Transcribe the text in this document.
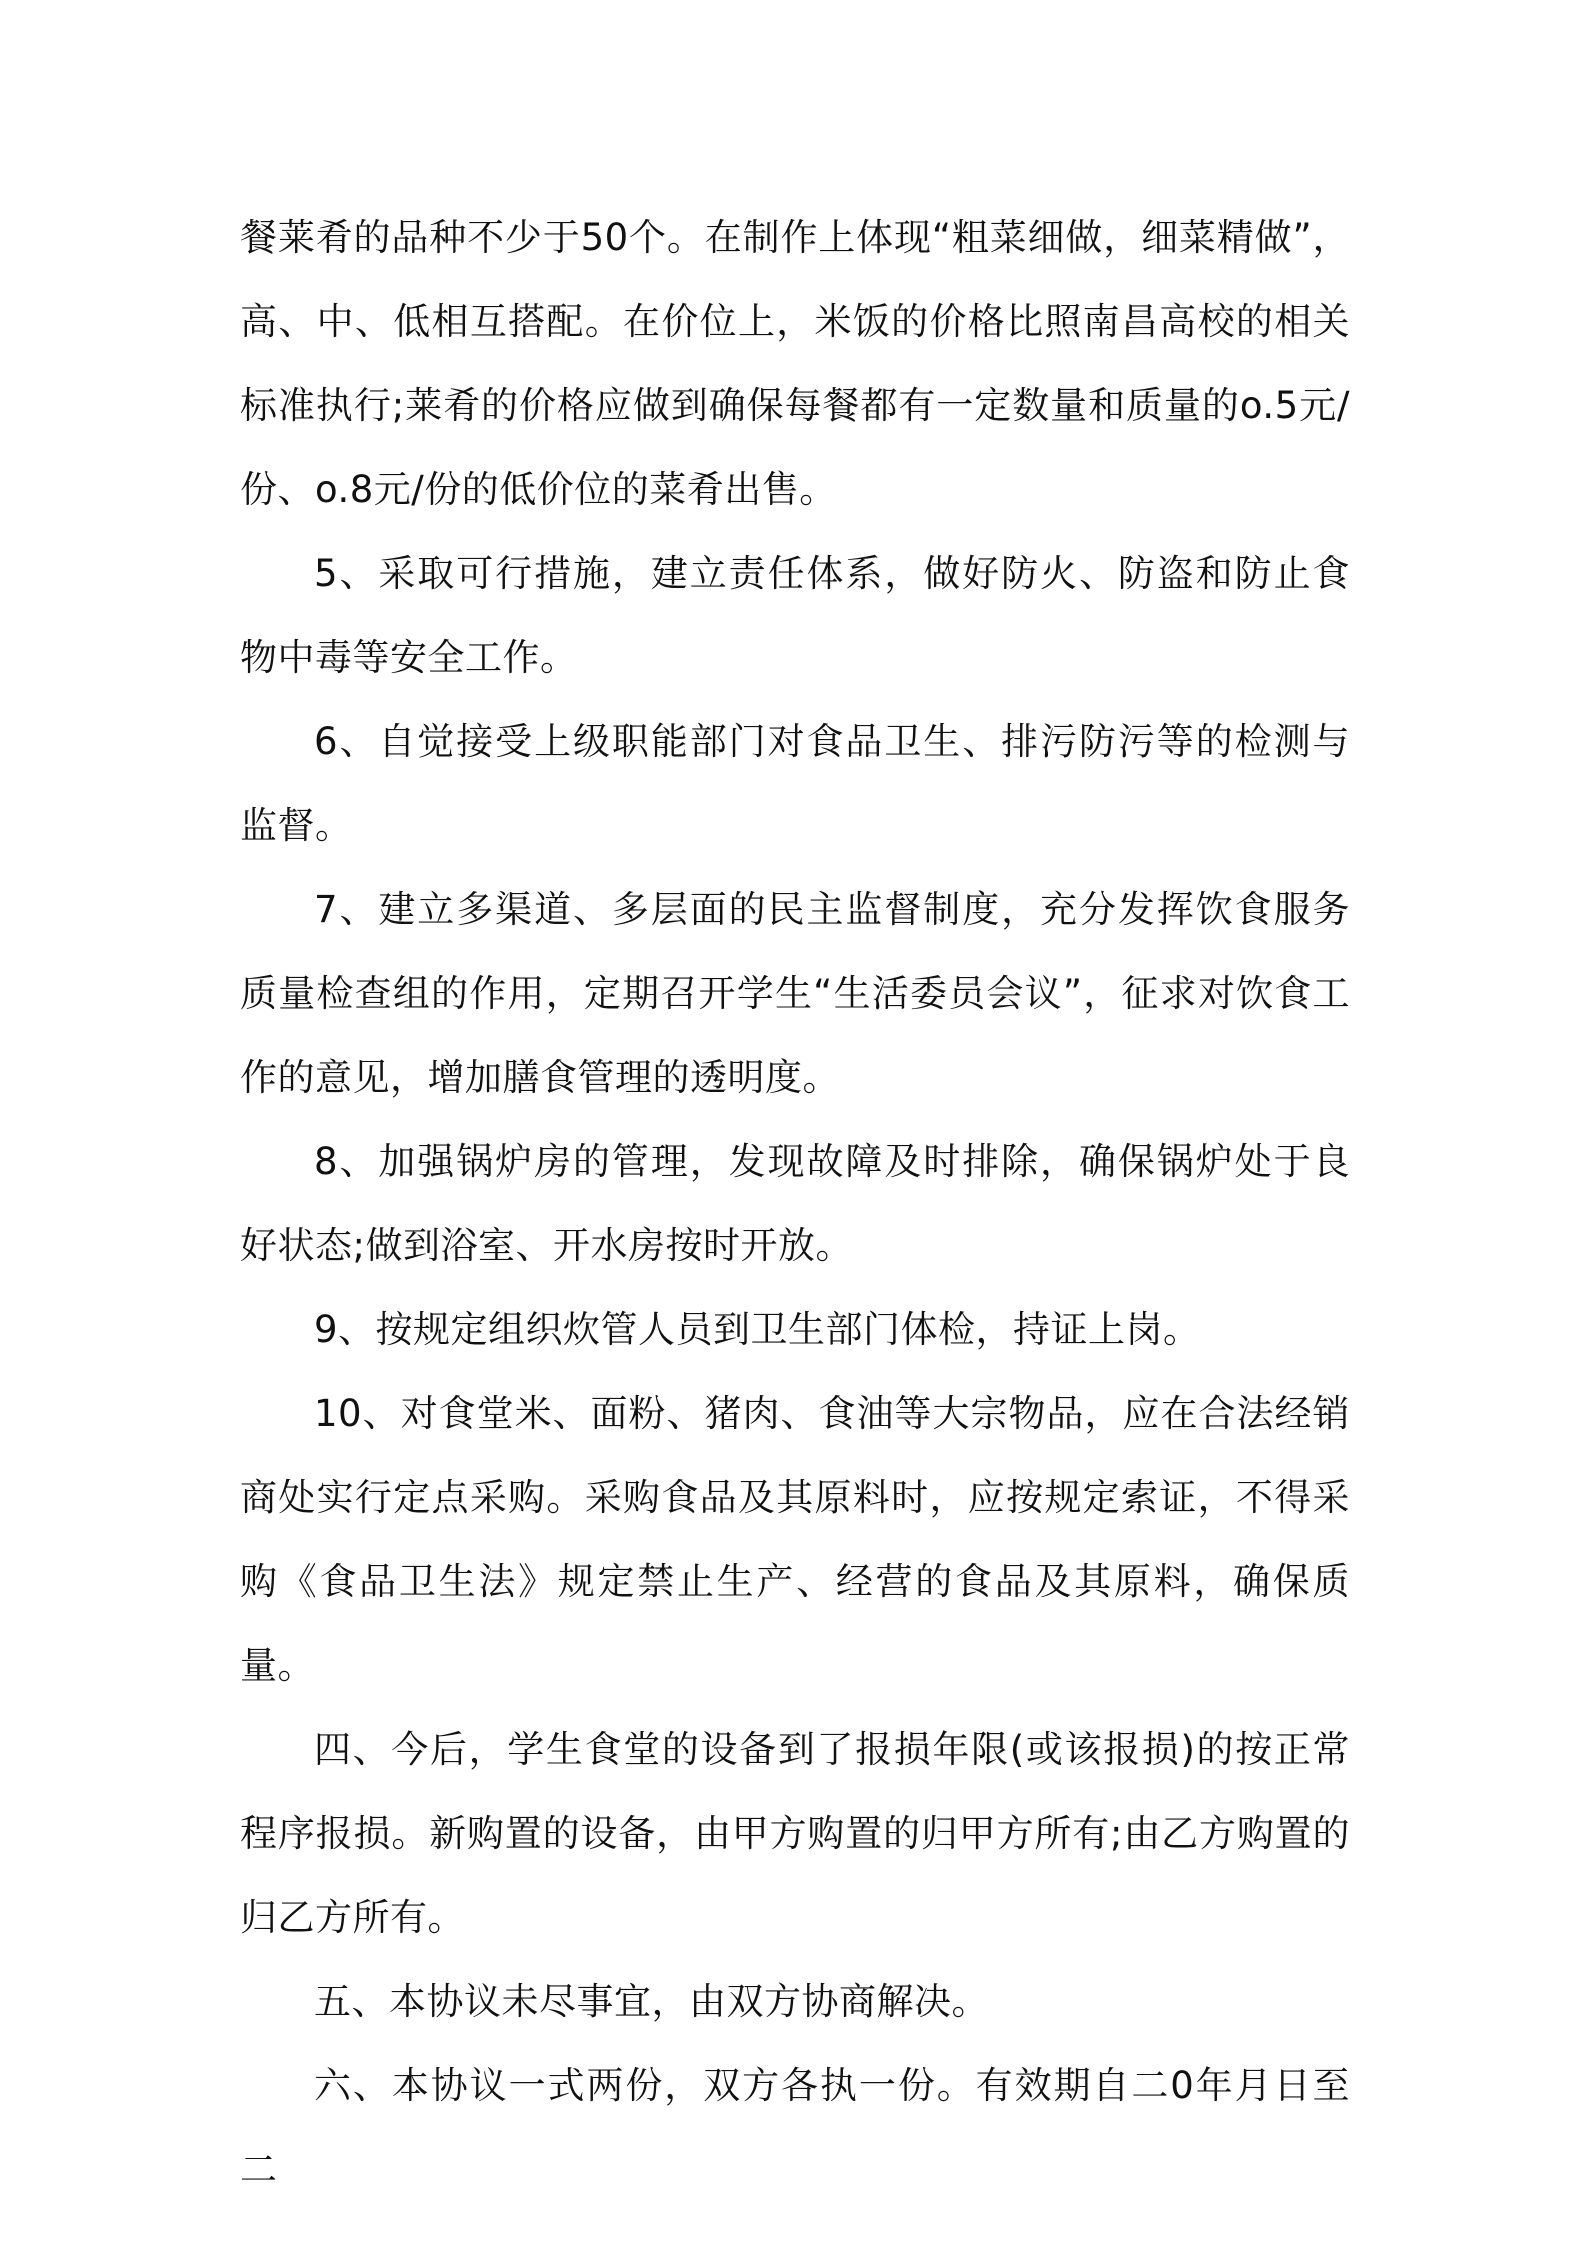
餐莱肴的品种不少于50个。在制作上体现“粗菜细做，细菜精做”，高、中、低相互搭配。在价位上，米饭的价格比照南昌高校的相关标准执行;莱肴的价格应做到确保每餐都有一定数量和质量的o.5元/份、o.8元/份的低价位的菜肴出售。

5、采取可行措施，建立责任体系，做好防火、防盗和防止食物中毒等安全工作。

6、自觉接受上级职能部门对食品卫生、排污防污等的检测与监督。

7、建立多渠道、多层面的民主监督制度，充分发挥饮食服务质量检查组的作用，定期召开学生“生活委员会议”，征求对饮食工作的意见，增加膳食管理的透明度。

8、加强锅炉房的管理，发现故障及时排除，确保锅炉处于良好状态;做到浴室、开水房按时开放。

9、按规定组织炊管人员到卫生部门体检，持证上岗。

10、对食堂米、面粉、猪肉、食油等大宗物品，应在合法经销商处实行定点采购。采购食品及其原料时，应按规定索证，不得采购《食品卫生法》规定禁止生产、经营的食品及其原料，确保质量。

四、今后，学生食堂的设备到了报损年限(或该报损)的按正常程序报损。新购置的设备，由甲方购置的归甲方所有;由乙方购置的归乙方所有。

五、本协议未尽事宜，由双方协商解决。

六、本协议一式两份，双方各执一份。有效期自二0年月日至二
